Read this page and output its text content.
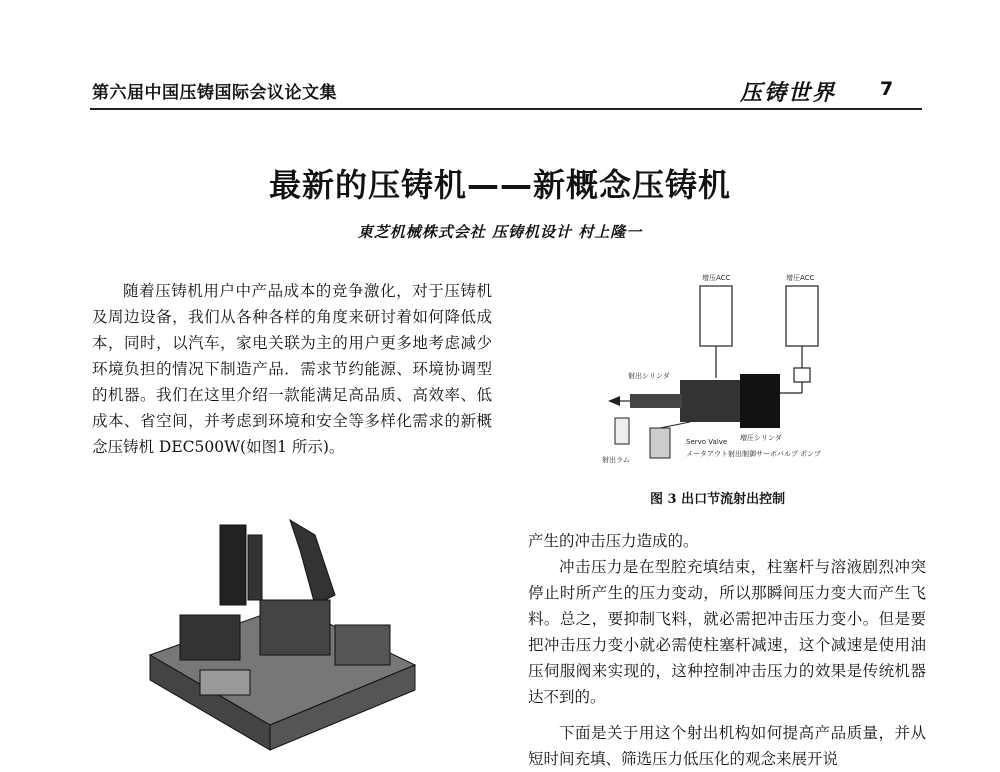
第六届中国压铸国际会议论文集	压铸世界 7
最新的压铸机——新概念压铸机
東芝机械株式会社 压铸机设计 村上隆一

随着压铸机用户中产品成本的竞争激化，对于压铸机及周边设备，我们从各种各样的角度来研讨着如何降低成本，同时，以汽车，家电关联为主的用户更多地考虑减少环境负担的情况下制造产品．需求节约能源、环境协调型的机器。我们在这里介绍一款能满足高品质、高效率、低成本、省空间，并考虑到环境和安全等多样化需求的新概念压铸机 DEC500W(如图1 所示)。

增压ACC	增圧ACC
射出シリンダ
増圧シリンダ
Servo Valve
メータアウト射出制御サーボバルブ
射出ラム
ポンプ
图 3 出口节流射出控制

产生的冲击压力造成的。

冲击压力是在型腔充填结束，柱塞杆与溶液剧烈冲突停止时所产生的压力变动，所以那瞬间压力变大而产生飞料。总之，要抑制飞料，就必需把冲击压力变小。但是要把冲击压力变小就必需使柱塞杆减速，这个减速是使用油压伺服阀来实现的，这种控制冲击压力的效果是传统机器达不到的。

下面是关于用这个射出机构如何提高产品质量，并从短时间充填、筛选压力低压化的观念来展开说
